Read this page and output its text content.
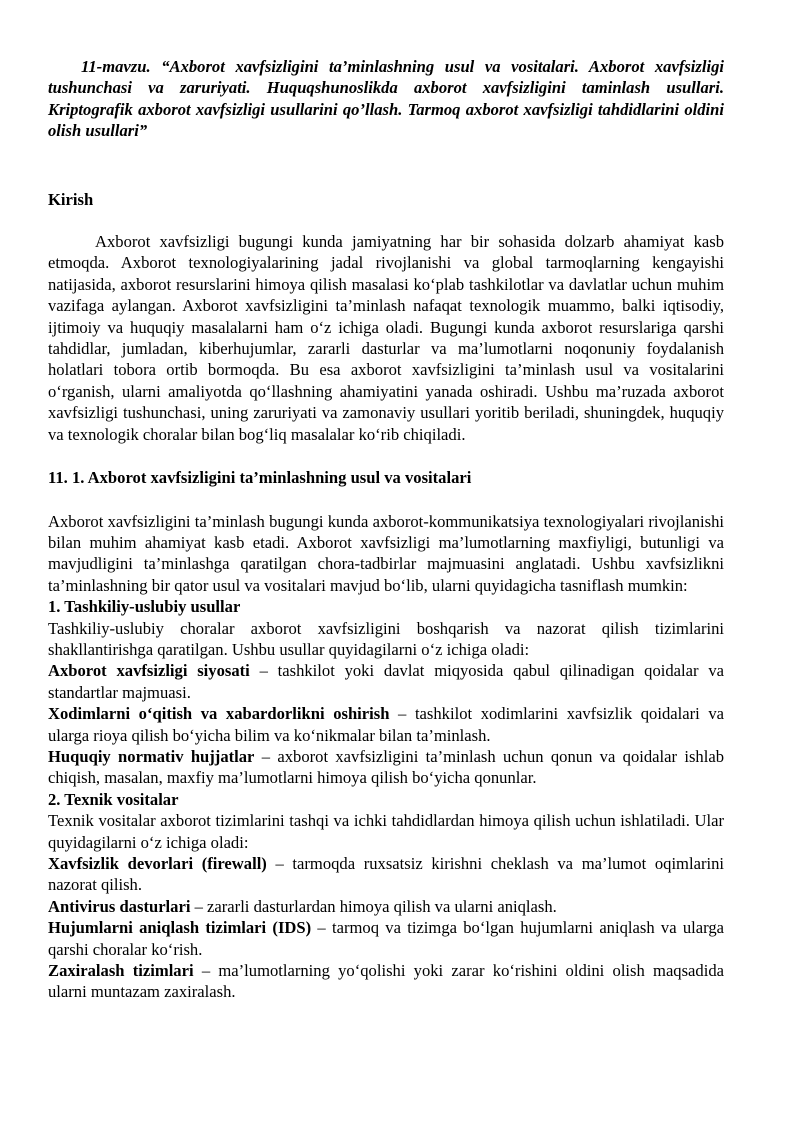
11-mavzu. “Axborot xavfsizligini ta’minlashning usul va vositalari. Axborot xavfsizligi tushunchasi va zaruriyati. Huquqshunoslikda axborot xavfsizligini taminlash usullari. Kriptografik axborot xavfsizligi usullarini qo’llash. Tarmoq axborot xavfsizligi tahdidlarini oldini olish usullari”

Kirish

Axborot xavfsizligi bugungi kunda jamiyatning har bir sohasida dolzarb ahamiyat kasb etmoqda. Axborot texnologiyalarining jadal rivojlanishi va global tarmoqlarning kengayishi natijasida, axborot resurslarini himoya qilish masalasi ko‘plab tashkilotlar va davlatlar uchun muhim vazifaga aylangan. Axborot xavfsizligini ta’minlash nafaqat texnologik muammo, balki iqtisodiy, ijtimoiy va huquqiy masalalarni ham o‘z ichiga oladi. Bugungi kunda axborot resurslariga qarshi tahdidlar, jumladan, kiberhujumlar, zararli dasturlar va ma’lumotlarni noqonuniy foydalanish holatlari tobora ortib bormoqda. Bu esa axborot xavfsizligini ta’minlash usul va vositalarini o‘rganish, ularni amaliyotda qo‘llashning ahamiyatini yanada oshiradi. Ushbu ma’ruzada axborot xavfsizligi tushunchasi, uning zaruriyati va zamonaviy usullari yoritib beriladi, shuningdek, huquqiy va texnologik choralar bilan bog‘liq masalalar ko‘rib chiqiladi.

11. 1. Axborot xavfsizligini ta’minlashning usul va vositalari

Axborot xavfsizligini ta’minlash bugungi kunda axborot-kommunikatsiya texnologiyalari rivojlanishi bilan muhim ahamiyat kasb etadi. Axborot xavfsizligi ma’lumotlarning maxfiyligi, butunligi va mavjudligini ta’minlashga qaratilgan chora-tadbirlar majmuasini anglatadi. Ushbu xavfsizlikni ta’minlashning bir qator usul va vositalari mavjud bo‘lib, ularni quyidagicha tasniflash mumkin:

1. Tashkiliy-uslubiy usullar

Tashkiliy-uslubiy choralar axborot xavfsizligini boshqarish va nazorat qilish tizimlarini shakllantirishga qaratilgan. Ushbu usullar quyidagilarni o‘z ichiga oladi:

Axborot xavfsizligi siyosati – tashkilot yoki davlat miqyosida qabul qilinadigan qoidalar va standartlar majmuasi.

Xodimlarni o‘qitish va xabardorlikni oshirish – tashkilot xodimlarini xavfsizlik qoidalari va ularga rioya qilish bo‘yicha bilim va ko‘nikmalar bilan ta’minlash.

Huquqiy normativ hujjatlar – axborot xavfsizligini ta’minlash uchun qonun va qoidalar ishlab chiqish, masalan, maxfiy ma’lumotlarni himoya qilish bo‘yicha qonunlar.

2. Texnik vositalar

Texnik vositalar axborot tizimlarini tashqi va ichki tahdidlardan himoya qilish uchun ishlatiladi. Ular quyidagilarni o‘z ichiga oladi:

Xavfsizlik devorlari (firewall) – tarmoqda ruxsatsiz kirishni cheklash va ma’lumot oqimlarini nazorat qilish.

Antivirus dasturlari – zararli dasturlardan himoya qilish va ularni aniqlash.

Hujumlarni aniqlash tizimlari (IDS) – tarmoq va tizimga bo‘lgan hujumlarni aniqlash va ularga qarshi choralar ko‘rish.

Zaxiralash tizimlari – ma’lumotlarning yo‘qolishi yoki zarar ko‘rishini oldini olish maqsadida ularni muntazam zaxiralash.
